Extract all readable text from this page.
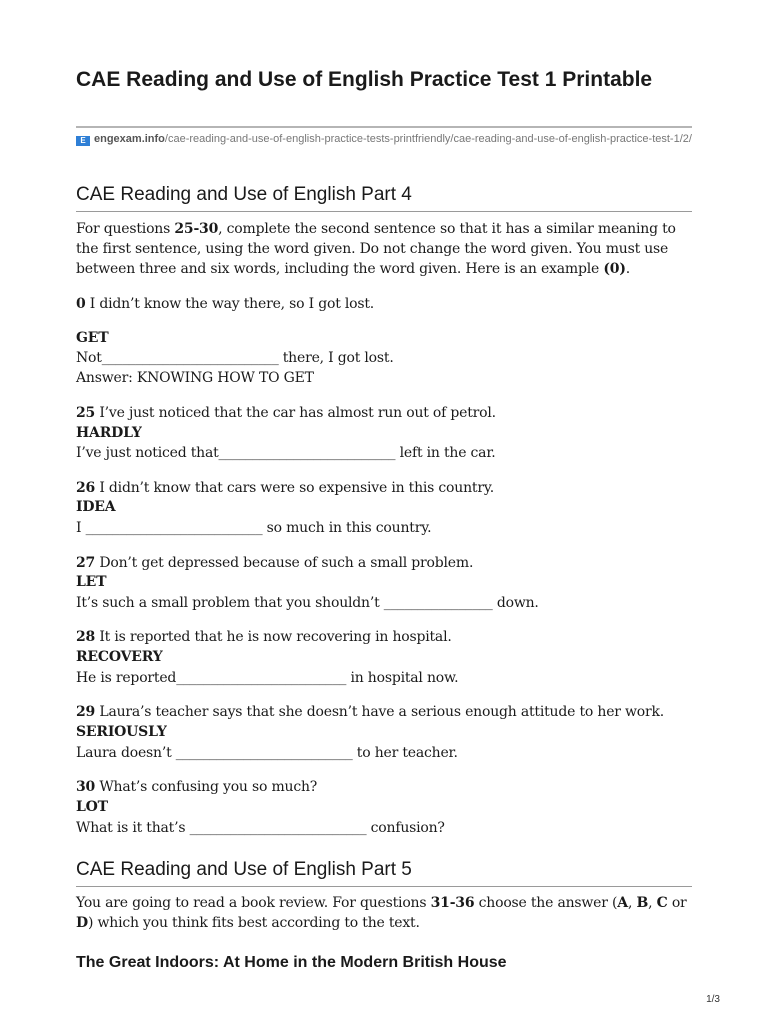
CAE Reading and Use of English Practice Test 1 Printable
E engexam.info/cae-reading-and-use-of-english-practice-tests-printfriendly/cae-reading-and-use-of-english-practice-test-1/2/
CAE Reading and Use of English Part 4

For questions 25-30, complete the second sentence so that it has a similar meaning to the first sentence, using the word given. Do not change the word given. You must use between three and six words, including the word given. Here is an example (0).

0 I didn’t know the way there, so I got lost.

GET

Not__________________________ there, I got lost.

Answer: KNOWING HOW TO GET

25 I’ve just noticed that the car has almost run out of petrol.

HARDLY

I’ve just noticed that__________________________ left in the car.

26 I didn’t know that cars were so expensive in this country.

IDEA

I __________________________ so much in this country.

27 Don’t get depressed because of such a small problem.

LET

It’s such a small problem that you shouldn’t ________________ down.

28 It is reported that he is now recovering in hospital.

RECOVERY

He is reported_________________________ in hospital now.

29 Laura’s teacher says that she doesn’t have a serious enough attitude to her work.

SERIOUSLY

Laura doesn’t __________________________ to her teacher.

30 What’s confusing you so much?

LOT

What is it that’s __________________________ confusion?

CAE Reading and Use of English Part 5

You are going to read a book review. For questions 31-36 choose the answer (A, B, C or D) which you think fits best according to the text.

The Great Indoors: At Home in the Modern British House
1/3
